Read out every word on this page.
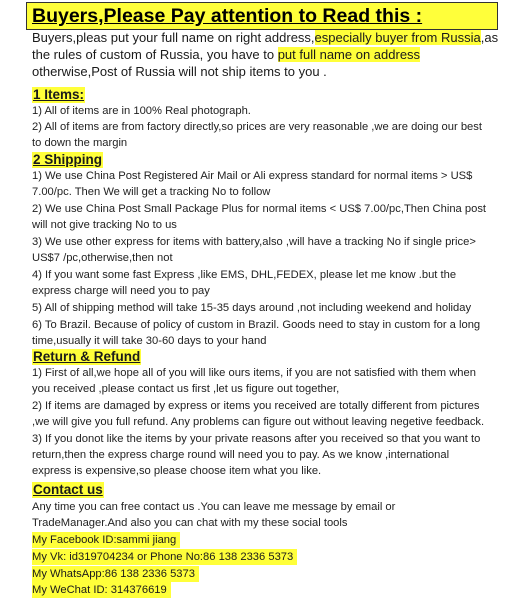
Buyers,Please Pay attention to Read this :
Buyers,pleas put your full name on right address,especially buyer from Russia,as the rules of custom of Russia, you have to put full name on address otherwise,Post of Russia will not ship items to you .
1 Items:
1) All of items are in 100% Real photograph.
2) All of items are from factory directly,so prices are very reasonable ,we are doing our best to down the margin
2 Shipping
1) We use China Post Registered Air Mail or Ali express standard for normal items > US$ 7.00/pc. Then We will get a tracking No to follow
2) We use China Post Small Package Plus for normal items < US$ 7.00/pc,Then China post will not give tracking No to us
3) We use other express for items with battery,also ,will have a tracking No if single price> US$7 /pc,otherwise,then not
4) If you want some fast Express ,like EMS, DHL,FEDEX, please let me know .but the express charge will need you to pay
5) All of shipping method will take 15-35 days around ,not including weekend and holiday
6) To Brazil. Because of policy of custom in Brazil. Goods need to stay in custom for a long time,usually it will take 30-60 days to your hand
Return & Refund
1) First of all,we hope all of you will like ours items, if you are not satisfied with them when you received ,please contact us first ,let us figure out together,
2) If items are damaged by express or items you received are totally different from pictures ,we will give you full refund. Any problems can figure out without leaving negetive feedback.
3) If you donot like the items by your private reasons after you received so that you want to return,then the express charge round will need you to pay. As we know ,international express is expensive,so please choose item what you like.
Contact us
Any time you can free contact us .You can leave me message by email or TradeManager.And also you can chat with my these social tools
My Facebook ID:sammi jiang
My Vk: id319704234 or Phone No:86 138 2336 5373
My WhatsApp:86 138 2336 5373
My WeChat ID: 314376619
